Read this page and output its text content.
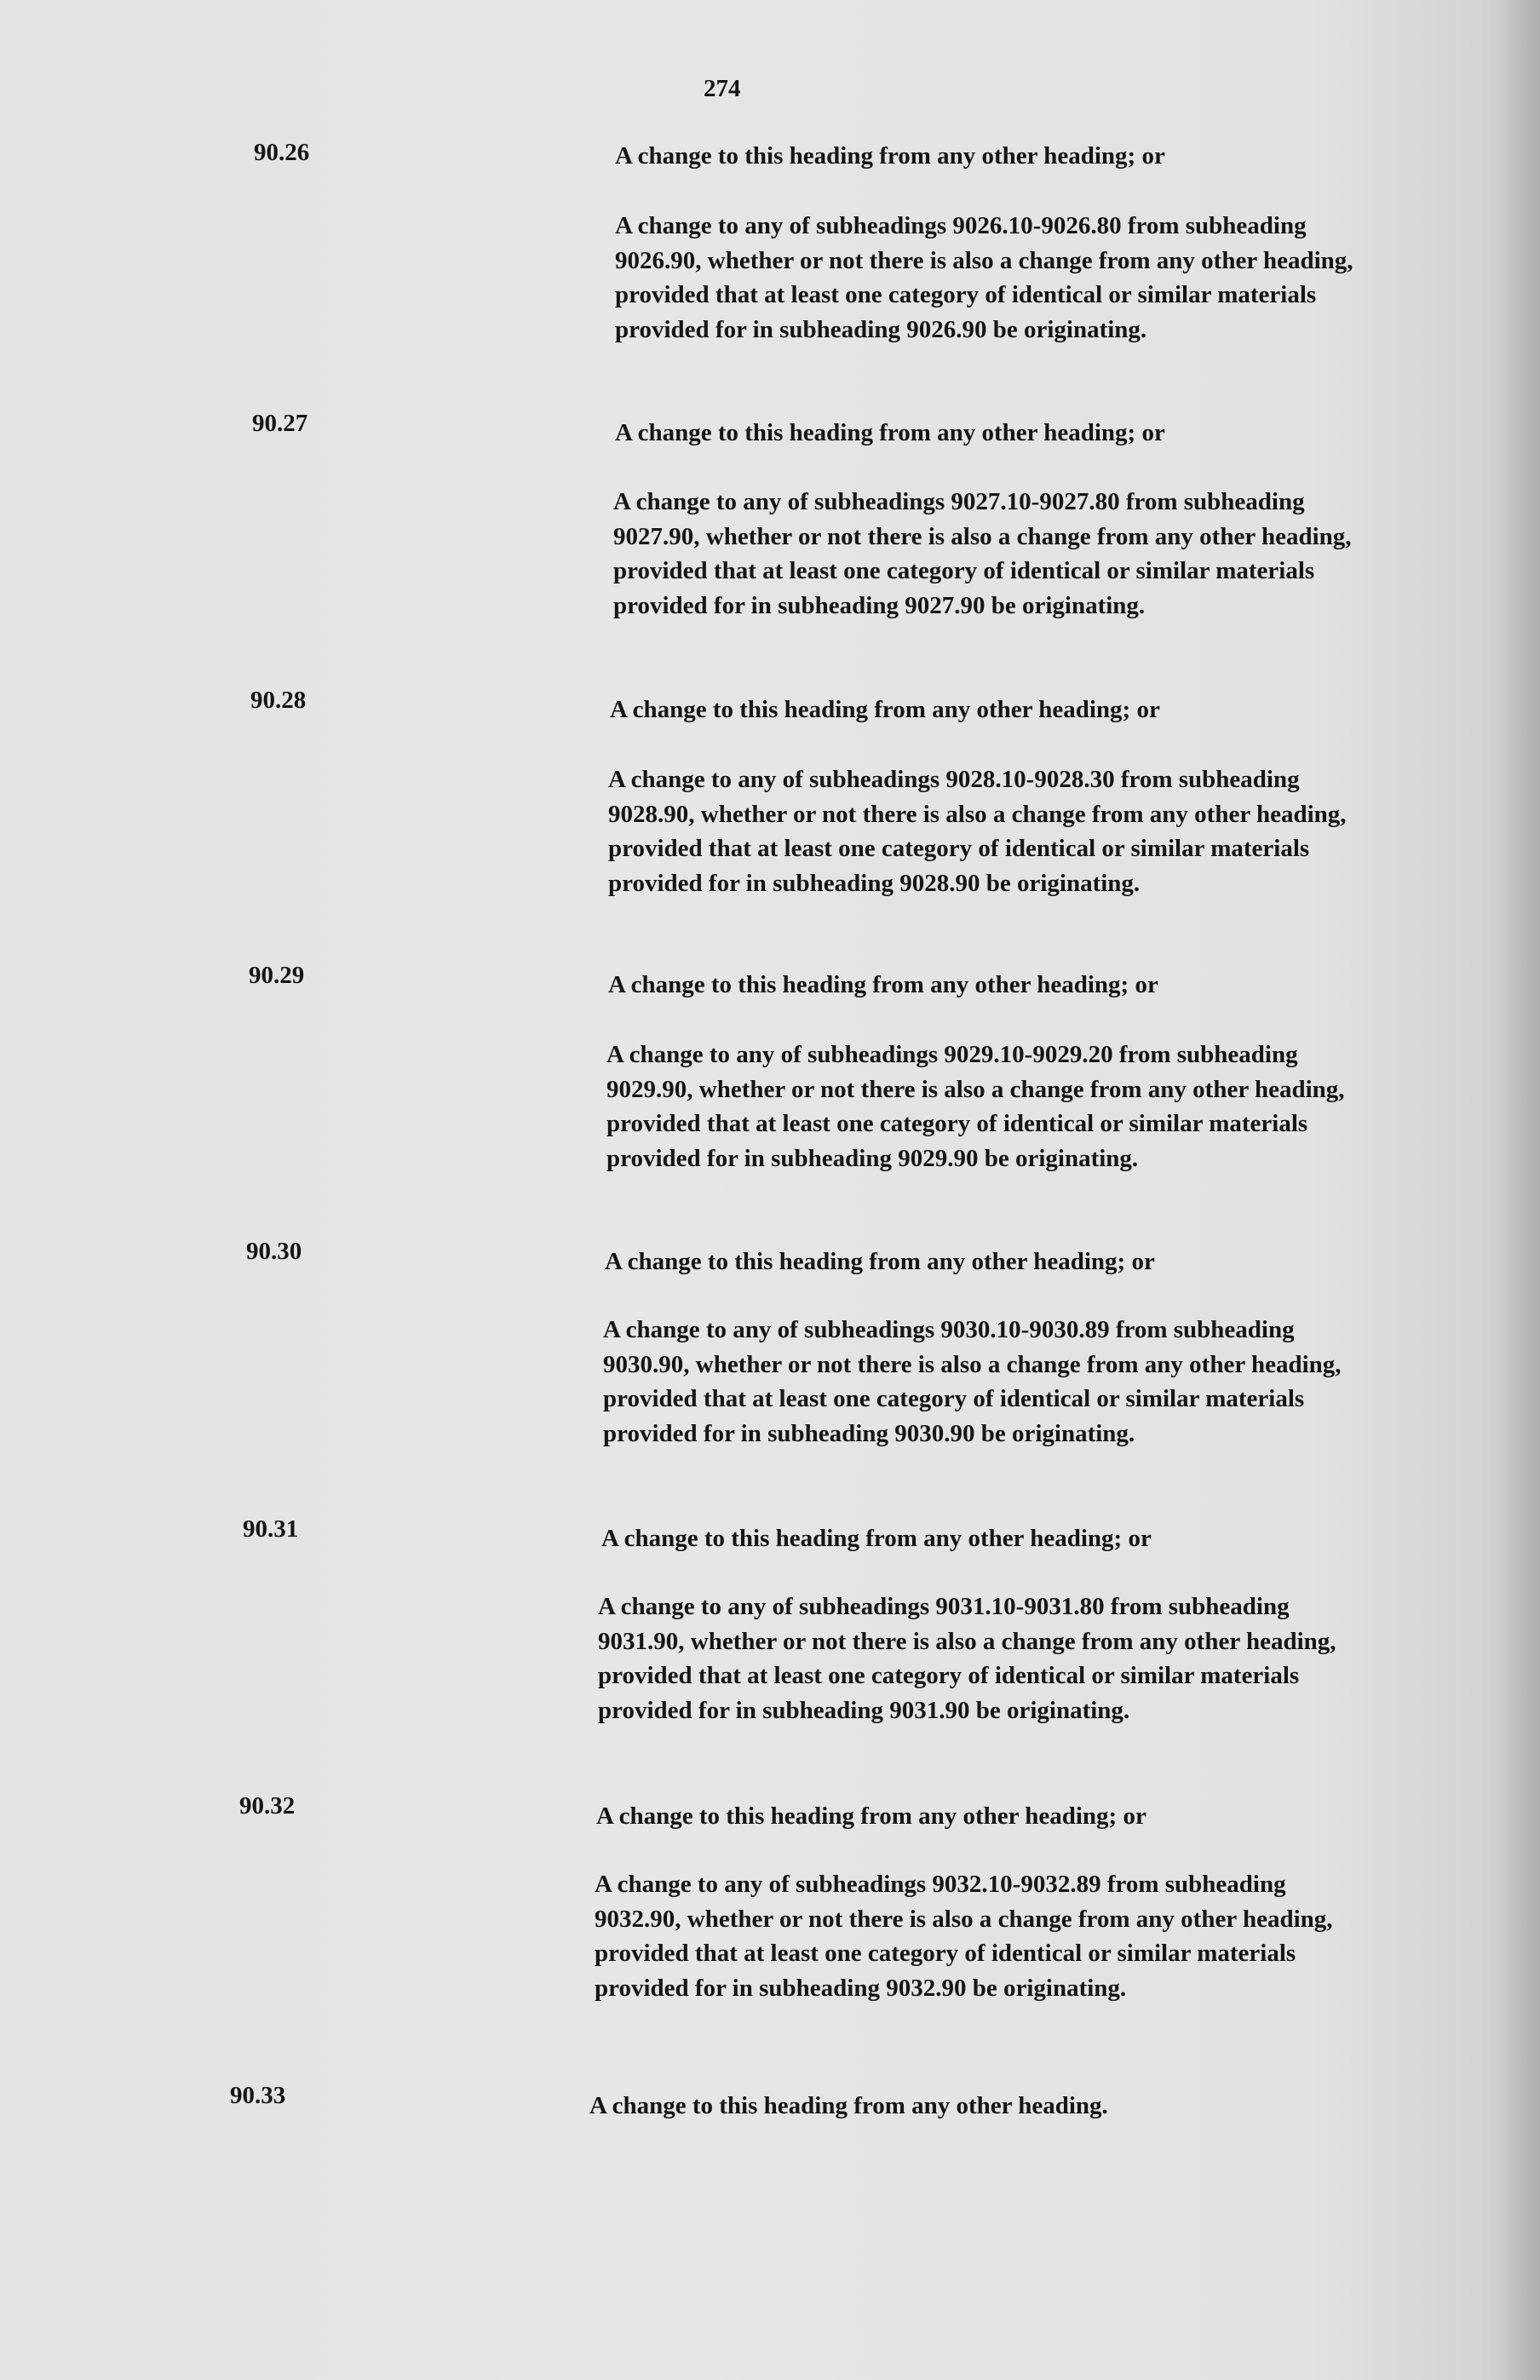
274
90.26	A change to this heading from any other heading; or
A change to any of subheadings 9026.10-9026.80 from subheading 9026.90, whether or not there is also a change from any other heading, provided that at least one category of identical or similar materials provided for in subheading 9026.90 be originating.
90.27	A change to this heading from any other heading; or
A change to any of subheadings 9027.10-9027.80 from subheading 9027.90, whether or not there is also a change from any other heading, provided that at least one category of identical or similar materials provided for in subheading 9027.90 be originating.
90.28	A change to this heading from any other heading; or
A change to any of subheadings 9028.10-9028.30 from subheading 9028.90, whether or not there is also a change from any other heading, provided that at least one category of identical or similar materials provided for in subheading 9028.90 be originating.
90.29	A change to this heading from any other heading; or
A change to any of subheadings 9029.10-9029.20 from subheading 9029.90, whether or not there is also a change from any other heading, provided that at least one category of identical or similar materials provided for in subheading 9029.90 be originating.
90.30	A change to this heading from any other heading; or
A change to any of subheadings 9030.10-9030.89 from subheading 9030.90, whether or not there is also a change from any other heading, provided that at least one category of identical or similar materials provided for in subheading 9030.90 be originating.
90.31	A change to this heading from any other heading; or
A change to any of subheadings 9031.10-9031.80 from subheading 9031.90, whether or not there is also a change from any other heading, provided that at least one category of identical or similar materials provided for in subheading 9031.90 be originating.
90.32	A change to this heading from any other heading; or
A change to any of subheadings 9032.10-9032.89 from subheading 9032.90, whether or not there is also a change from any other heading, provided that at least one category of identical or similar materials provided for in subheading 9032.90 be originating.
90.33	A change to this heading from any other heading.
